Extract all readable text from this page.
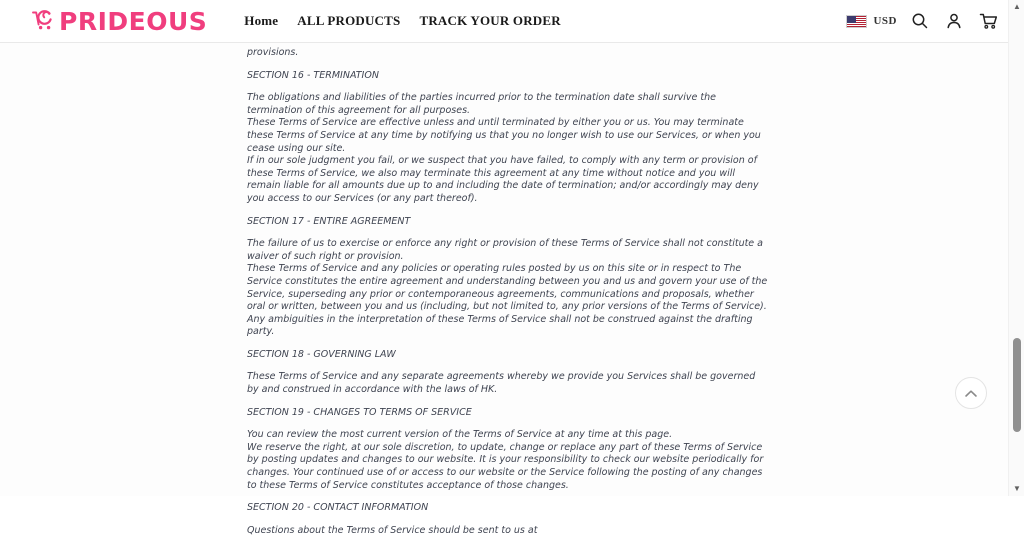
PRIDEOUS	Home ALL PRODUCTS TRACK YOUR ORDER	USD

provisions.

SECTION 16 - TERMINATION

The obligations and liabilities of the parties incurred prior to the termination date shall survive the termination of this agreement for all purposes.

These Terms of Service are effective unless and until terminated by either you or us. You may terminate these Terms of Service at any time by notifying us that you no longer wish to use our Services, or when you cease using our site.

If in our sole judgment you fail, or we suspect that you have failed, to comply with any term or provision of these Terms of Service, we also may terminate this agreement at any time without notice and you will remain liable for all amounts due up to and including the date of termination; and/or accordingly may deny you access to our Services (or any part thereof).

SECTION 17 - ENTIRE AGREEMENT

The failure of us to exercise or enforce any right or provision of these Terms of Service shall not constitute a waiver of such right or provision.

These Terms of Service and any policies or operating rules posted by us on this site or in respect to The Service constitutes the entire agreement and understanding between you and us and govern your use of the Service, superseding any prior or contemporaneous agreements, communications and proposals, whether oral or written, between you and us (including, but not limited to, any prior versions of the Terms of Service).

Any ambiguities in the interpretation of these Terms of Service shall not be construed against the drafting party.

SECTION 18 - GOVERNING LAW

These Terms of Service and any separate agreements whereby we provide you Services shall be governed by and construed in accordance with the laws of HK.

SECTION 19 - CHANGES TO TERMS OF SERVICE

You can review the most current version of the Terms of Service at any time at this page.

We reserve the right, at our sole discretion, to update, change or replace any part of these Terms of Service by posting updates and changes to our website. It is your responsibility to check our website periodically for changes. Your continued use of or access to our website or the Service following the posting of any changes to these Terms of Service constitutes acceptance of those changes.

SECTION 20 - CONTACT INFORMATION

Questions about the Terms of Service should be sent to us at

▲
▼
